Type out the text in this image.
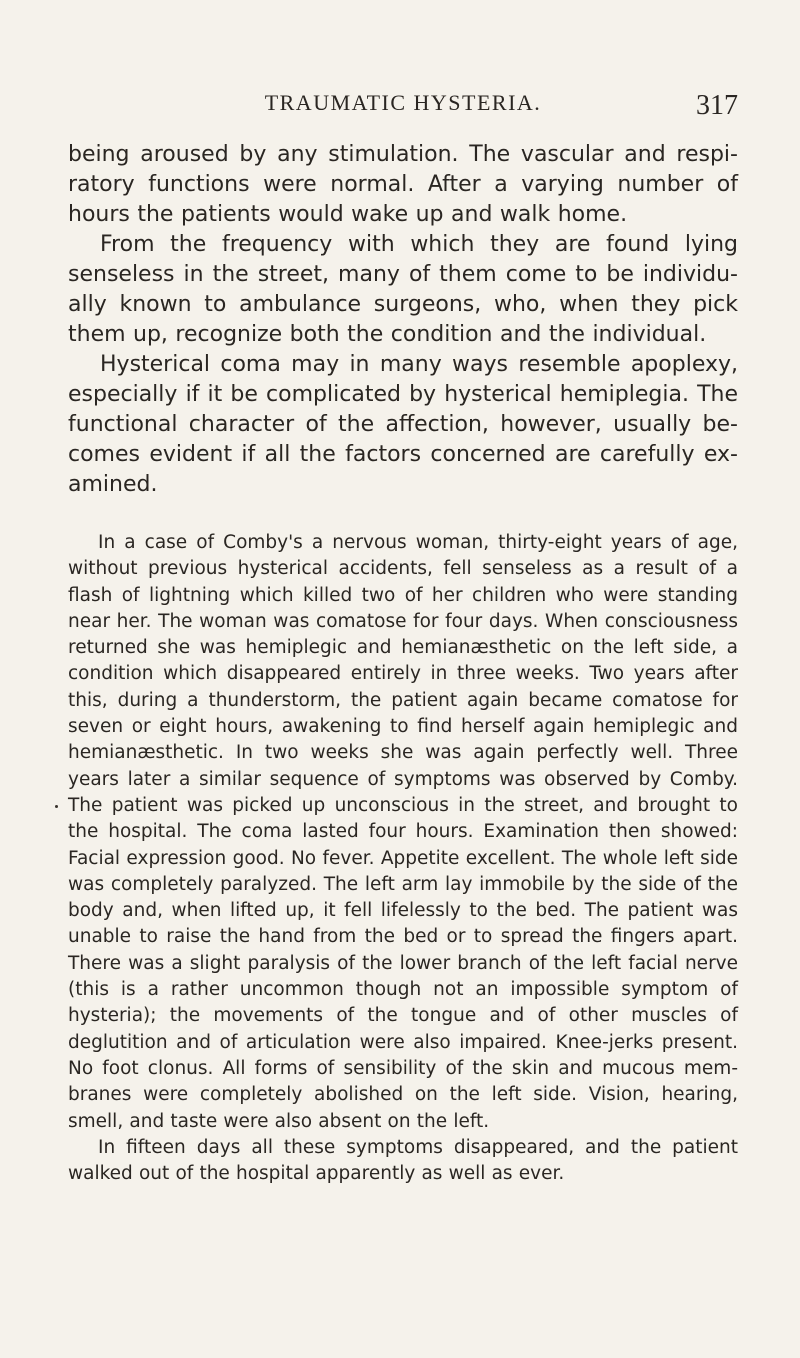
TRAUMATIC HYSTERIA.	317

being aroused by any stimulation. The vascular and respiratory functions were normal. After a varying number of hours the patients would wake up and walk home.

From the frequency with which they are found lying senseless in the street, many of them come to be individually known to ambulance surgeons, who, when they pick them up, recognize both the condition and the individual.

Hysterical coma may in many ways resemble apoplexy, especially if it be complicated by hysterical hemiplegia. The functional character of the affection, however, usually becomes evident if all the factors concerned are carefully examined.

In a case of Comby's a nervous woman, thirty-eight years of age, without previous hysterical accidents, fell senseless as a result of a flash of lightning which killed two of her children who were standing near her. The woman was comatose for four days. When consciousness returned she was hemiplegic and hemianæsthetic on the left side, a condition which disappeared entirely in three weeks. Two years after this, during a thunderstorm, the patient again became comatose for seven or eight hours, awakening to find herself again hemiplegic and hemianæsthetic. In two weeks she was again perfectly well. Three years later a similar sequence of symptoms was observed by Comby. The patient was picked up unconscious in the street, and brought to the hospital. The coma lasted four hours. Examination then showed: Facial expression good. No fever. Appetite excellent. The whole left side was completely paralyzed. The left arm lay immobile by the side of the body and, when lifted up, it fell lifelessly to the bed. The patient was unable to raise the hand from the bed or to spread the fingers apart. There was a slight paralysis of the lower branch of the left facial nerve (this is a rather uncommon though not an impossible symptom of hysteria); the movements of the tongue and of other muscles of deglutition and of articulation were also impaired. Knee-jerks present. No foot clonus. All forms of sensibility of the skin and mucous membranes were completely abolished on the left side. Vision, hearing, smell, and taste were also absent on the left.

In fifteen days all these symptoms disappeared, and the patient walked out of the hospital apparently as well as ever.
